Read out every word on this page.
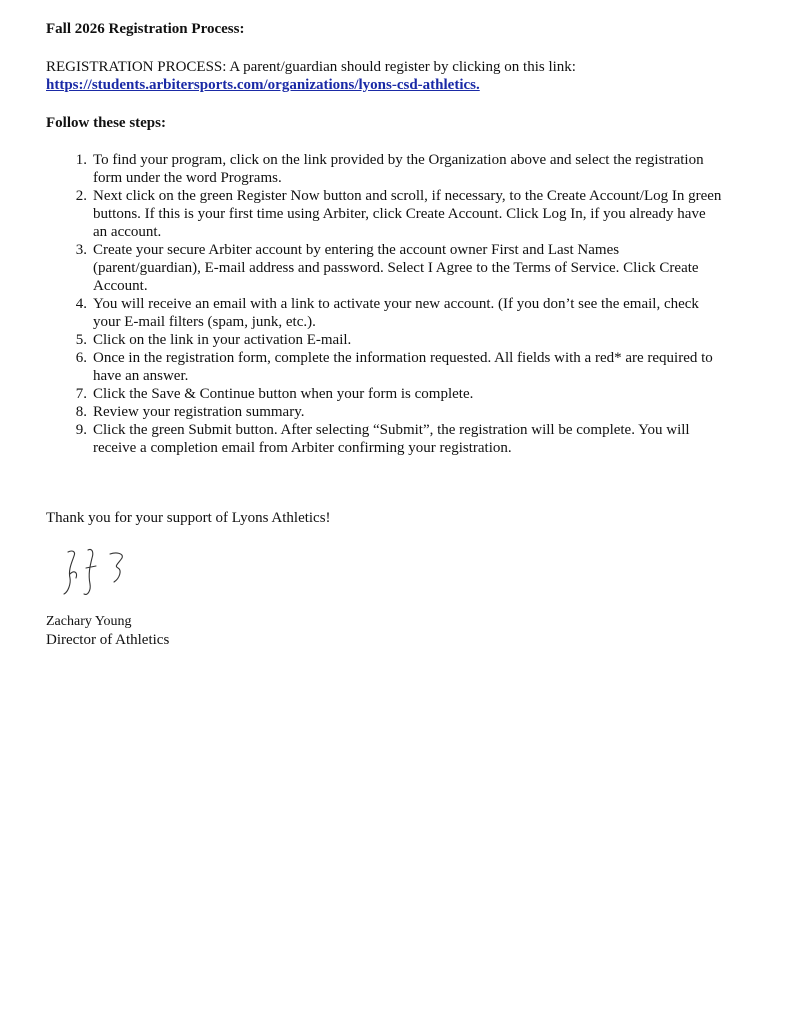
Fall 2026 Registration Process:

REGISTRATION PROCESS: A parent/guardian should register by clicking on this link:
https://students.arbitersports.com/organizations/lyons-csd-athletics.

Follow these steps:

1. To find your program, click on the link provided by the Organization above and select the registration form under the word Programs.
2. Next click on the green Register Now button and scroll, if necessary, to the Create Account/Log In green buttons. If this is your first time using Arbiter, click Create Account. Click Log In, if you already have an account.
3. Create your secure Arbiter account by entering the account owner First and Last Names (parent/guardian), E-mail address and password. Select I Agree to the Terms of Service. Click Create Account.
4. You will receive an email with a link to activate your new account. (If you don’t see the email, check your E-mail filters (spam, junk, etc.).
5. Click on the link in your activation E-mail.
6. Once in the registration form, complete the information requested. All fields with a red* are required to have an answer.
7. Click the Save & Continue button when your form is complete.
8. Review your registration summary.
9. Click the green Submit button. After selecting “Submit”, the registration will be complete. You will receive a completion email from Arbiter confirming your registration.

Thank you for your support of Lyons Athletics!

Zachary Young

Director of Athletics
